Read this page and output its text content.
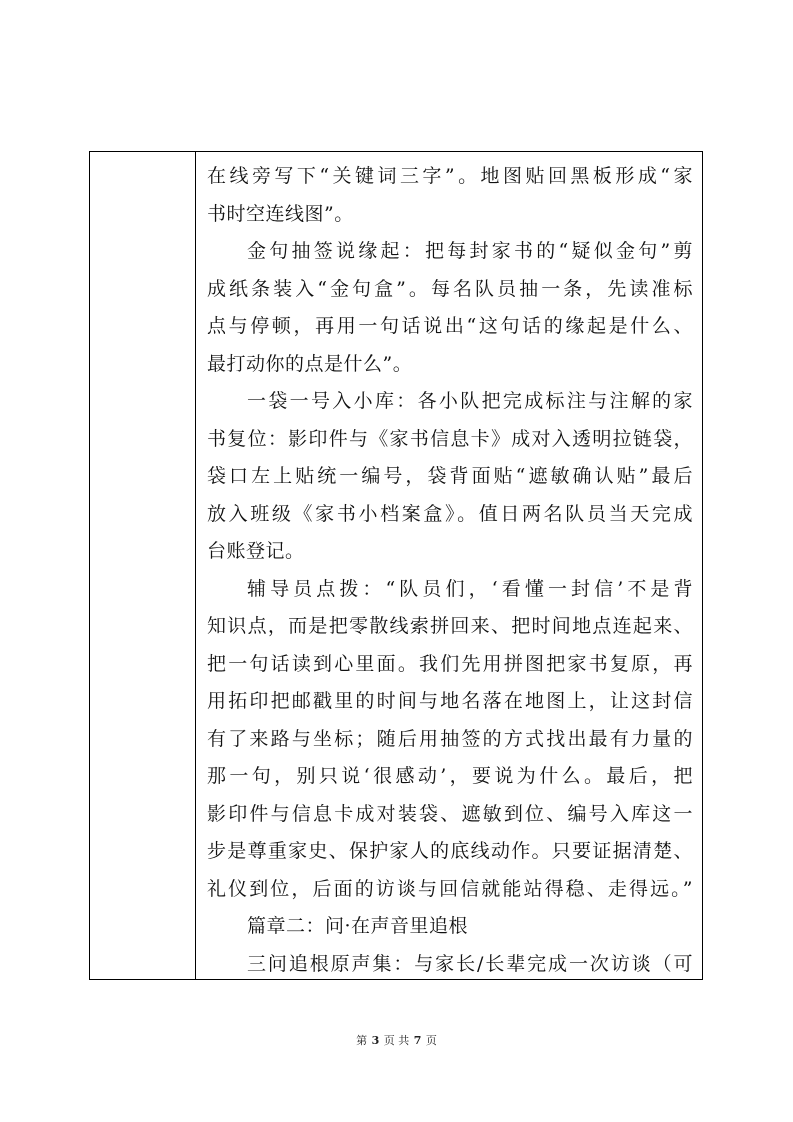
在线旁写下“关键词三字”。地图贴回黑板形成“家
书时空连线图”。
金句抽签说缘起：把每封家书的“疑似金句”剪
成纸条装入“金句盒”。每名队员抽一条，先读准标
点与停顿，再用一句话说出“这句话的缘起是什么、
最打动你的点是什么”。
一袋一号入小库：各小队把完成标注与注解的家
书复位：影印件与《家书信息卡》成对入透明拉链袋，
袋口左上贴统一编号，袋背面贴“遮敏确认贴”最后
放入班级《家书小档案盒》。值日两名队员当天完成
台账登记。
辅导员点拨：“队员们，‘看懂一封信’不是背
知识点，而是把零散线索拼回来、把时间地点连起来、
把一句话读到心里面。我们先用拼图把家书复原，再
用拓印把邮戳里的时间与地名落在地图上，让这封信
有了来路与坐标；随后用抽签的方式找出最有力量的
那一句，别只说‘很感动’，要说为什么。最后，把
影印件与信息卡成对装袋、遮敏到位、编号入库这一
步是尊重家史、保护家人的底线动作。只要证据清楚、
礼仪到位，后面的访谈与回信就能站得稳、走得远。”
篇章二：问·在声音里追根
三问追根原声集：与家长/长辈完成一次访谈（可
第 3 页 共 7 页
